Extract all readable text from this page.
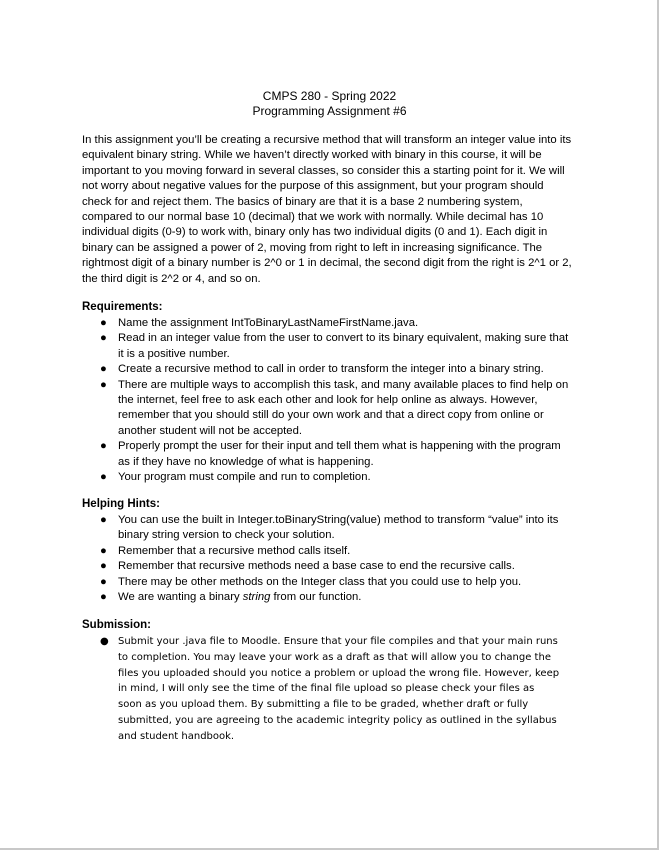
CMPS 280 - Spring 2022
Programming Assignment #6
In this assignment you’ll be creating a recursive method that will transform an integer value into its equivalent binary string. While we haven’t directly worked with binary in this course, it will be important to you moving forward in several classes, so consider this a starting point for it. We will not worry about negative values for the purpose of this assignment, but your program should check for and reject them. The basics of binary are that it is a base 2 numbering system, compared to our normal base 10 (decimal) that we work with normally. While decimal has 10 individual digits (0-9) to work with, binary only has two individual digits (0 and 1). Each digit in binary can be assigned a power of 2, moving from right to left in increasing significance. The rightmost digit of a binary number is 2^0 or 1 in decimal, the second digit from the right is 2^1 or 2, the third digit is 2^2 or 4, and so on.
Requirements:
● Name the assignment IntToBinaryLastNameFirstName.java.
● Read in an integer value from the user to convert to its binary equivalent, making sure that it is a positive number.
● Create a recursive method to call in order to transform the integer into a binary string.
● There are multiple ways to accomplish this task, and many available places to find help on the internet, feel free to ask each other and look for help online as always. However, remember that you should still do your own work and that a direct copy from online or another student will not be accepted.
● Properly prompt the user for their input and tell them what is happening with the program as if they have no knowledge of what is happening.
● Your program must compile and run to completion.
Helping Hints:
● You can use the built in Integer.toBinaryString(value) method to transform “value” into its binary string version to check your solution.
● Remember that a recursive method calls itself.
● Remember that recursive methods need a base case to end the recursive calls.
● There may be other methods on the Integer class that you could use to help you.
● We are wanting a binary string from our function.
Submission:
● Submit your .java file to Moodle. Ensure that your file compiles and that your main runs to completion. You may leave your work as a draft as that will allow you to change the files you uploaded should you notice a problem or upload the wrong file. However, keep in mind, I will only see the time of the final file upload so please check your files as soon as you upload them. By submitting a file to be graded, whether draft or fully submitted, you are agreeing to the academic integrity policy as outlined in the syllabus and student handbook.
